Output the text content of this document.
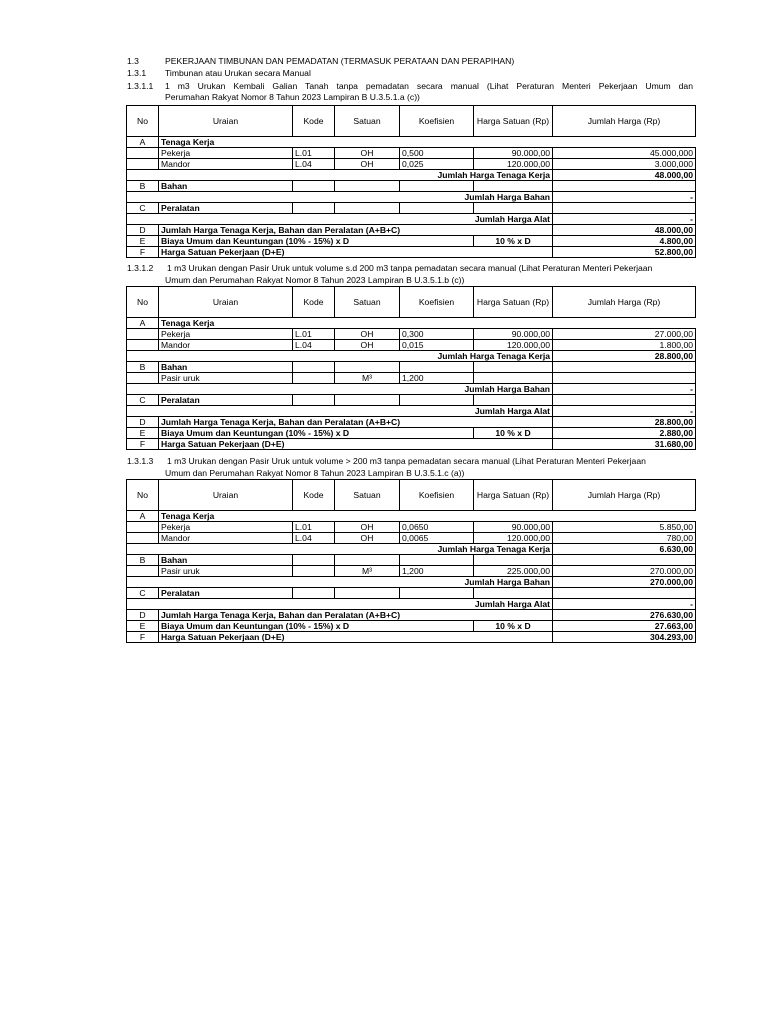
1.3	PEKERJAAN TIMBUNAN DAN PEMADATAN (TERMASUK PERATAAN DAN PERAPIHAN)
1.3.1 Timbunan atau Urukan secara Manual
1.3.1.1 1 m3 Urukan Kembali Galian Tanah tanpa pemadatan secara manual (Lihat Peraturan Menteri Pekerjaan Umum dan
Perumahan Rakyat Nomor 8 Tahun 2023 Lampiran B U.3.5.1.a (c))
No	Uraian	Kode	Satuan	Koefisien	Harga Satuan (Rp)	Jumlah Harga (Rp)
A	Tenaga Kerja					
	Pekerja	L.01	OH	0,500	90.000,00	45.000,000
	Mandor	L.04	OH	0,025	120.000,00	3.000,000
Jumlah Harga Tenaga Kerja						48.000,00
B	Bahan					
Jumlah Harga Bahan						-
C	Peralatan					
Jumlah Harga Alat						-
D	Jumlah Harga Tenaga Kerja, Bahan dan Peralatan (A+B+C)					48.000,00
E	Biaya Umum dan Keuntungan (10% - 15%) x D				10 % x D	4.800,00
F	Harga Satuan Pekerjaan (D+E)					52.800,00
1.3.1.2 1 m3 Urukan dengan Pasir Uruk untuk volume s.d 200 m3 tanpa pemadatan secara manual (Lihat Peraturan Menteri Pekerjaan
Umum dan Perumahan Rakyat Nomor 8 Tahun 2023 Lampiran B U.3.5.1.b (c))
No	Uraian	Kode	Satuan	Koefisien	Harga Satuan (Rp)	Jumlah Harga (Rp)
A	Tenaga Kerja					
	Pekerja	L.01	OH	0,300	90.000,00	27.000,00
	Mandor	L.04	OH	0,015	120.000,00	1.800,00
Jumlah Harga Tenaga Kerja						28.800,00
B	Bahan					
	Pasir uruk		M³	1,200		
Jumlah Harga Bahan						-
C	Peralatan					
Jumlah Harga Alat						-
D	Jumlah Harga Tenaga Kerja, Bahan dan Peralatan (A+B+C)					28.800,00
E	Biaya Umum dan Keuntungan (10% - 15%) x D				10 % x D	2.880,00
F	Harga Satuan Pekerjaan (D+E)					31.680,00
1.3.1.3 1 m3 Urukan dengan Pasir Uruk untuk volume > 200 m3 tanpa pemadatan secara manual (Lihat Peraturan Menteri Pekerjaan
Umum dan Perumahan Rakyat Nomor 8 Tahun 2023 Lampiran B U.3.5.1.c (a))
No	Uraian	Kode	Satuan	Koefisien	Harga Satuan (Rp)	Jumlah Harga (Rp)
A	Tenaga Kerja					
	Pekerja	L.01	OH	0,0650	90.000,00	5.850,00
	Mandor	L.04	OH	0,0065	120.000,00	780,00
Jumlah Harga Tenaga Kerja						6.630,00
B	Bahan					
	Pasir uruk		M³	1,200	225.000,00	270.000,00
Jumlah Harga Bahan						270.000,00
C	Peralatan					
Jumlah Harga Alat						-
D	Jumlah Harga Tenaga Kerja, Bahan dan Peralatan (A+B+C)					276.630,00
E	Biaya Umum dan Keuntungan (10% - 15%) x D				10 % x D	27.663,00
F	Harga Satuan Pekerjaan (D+E)					304.293,00
